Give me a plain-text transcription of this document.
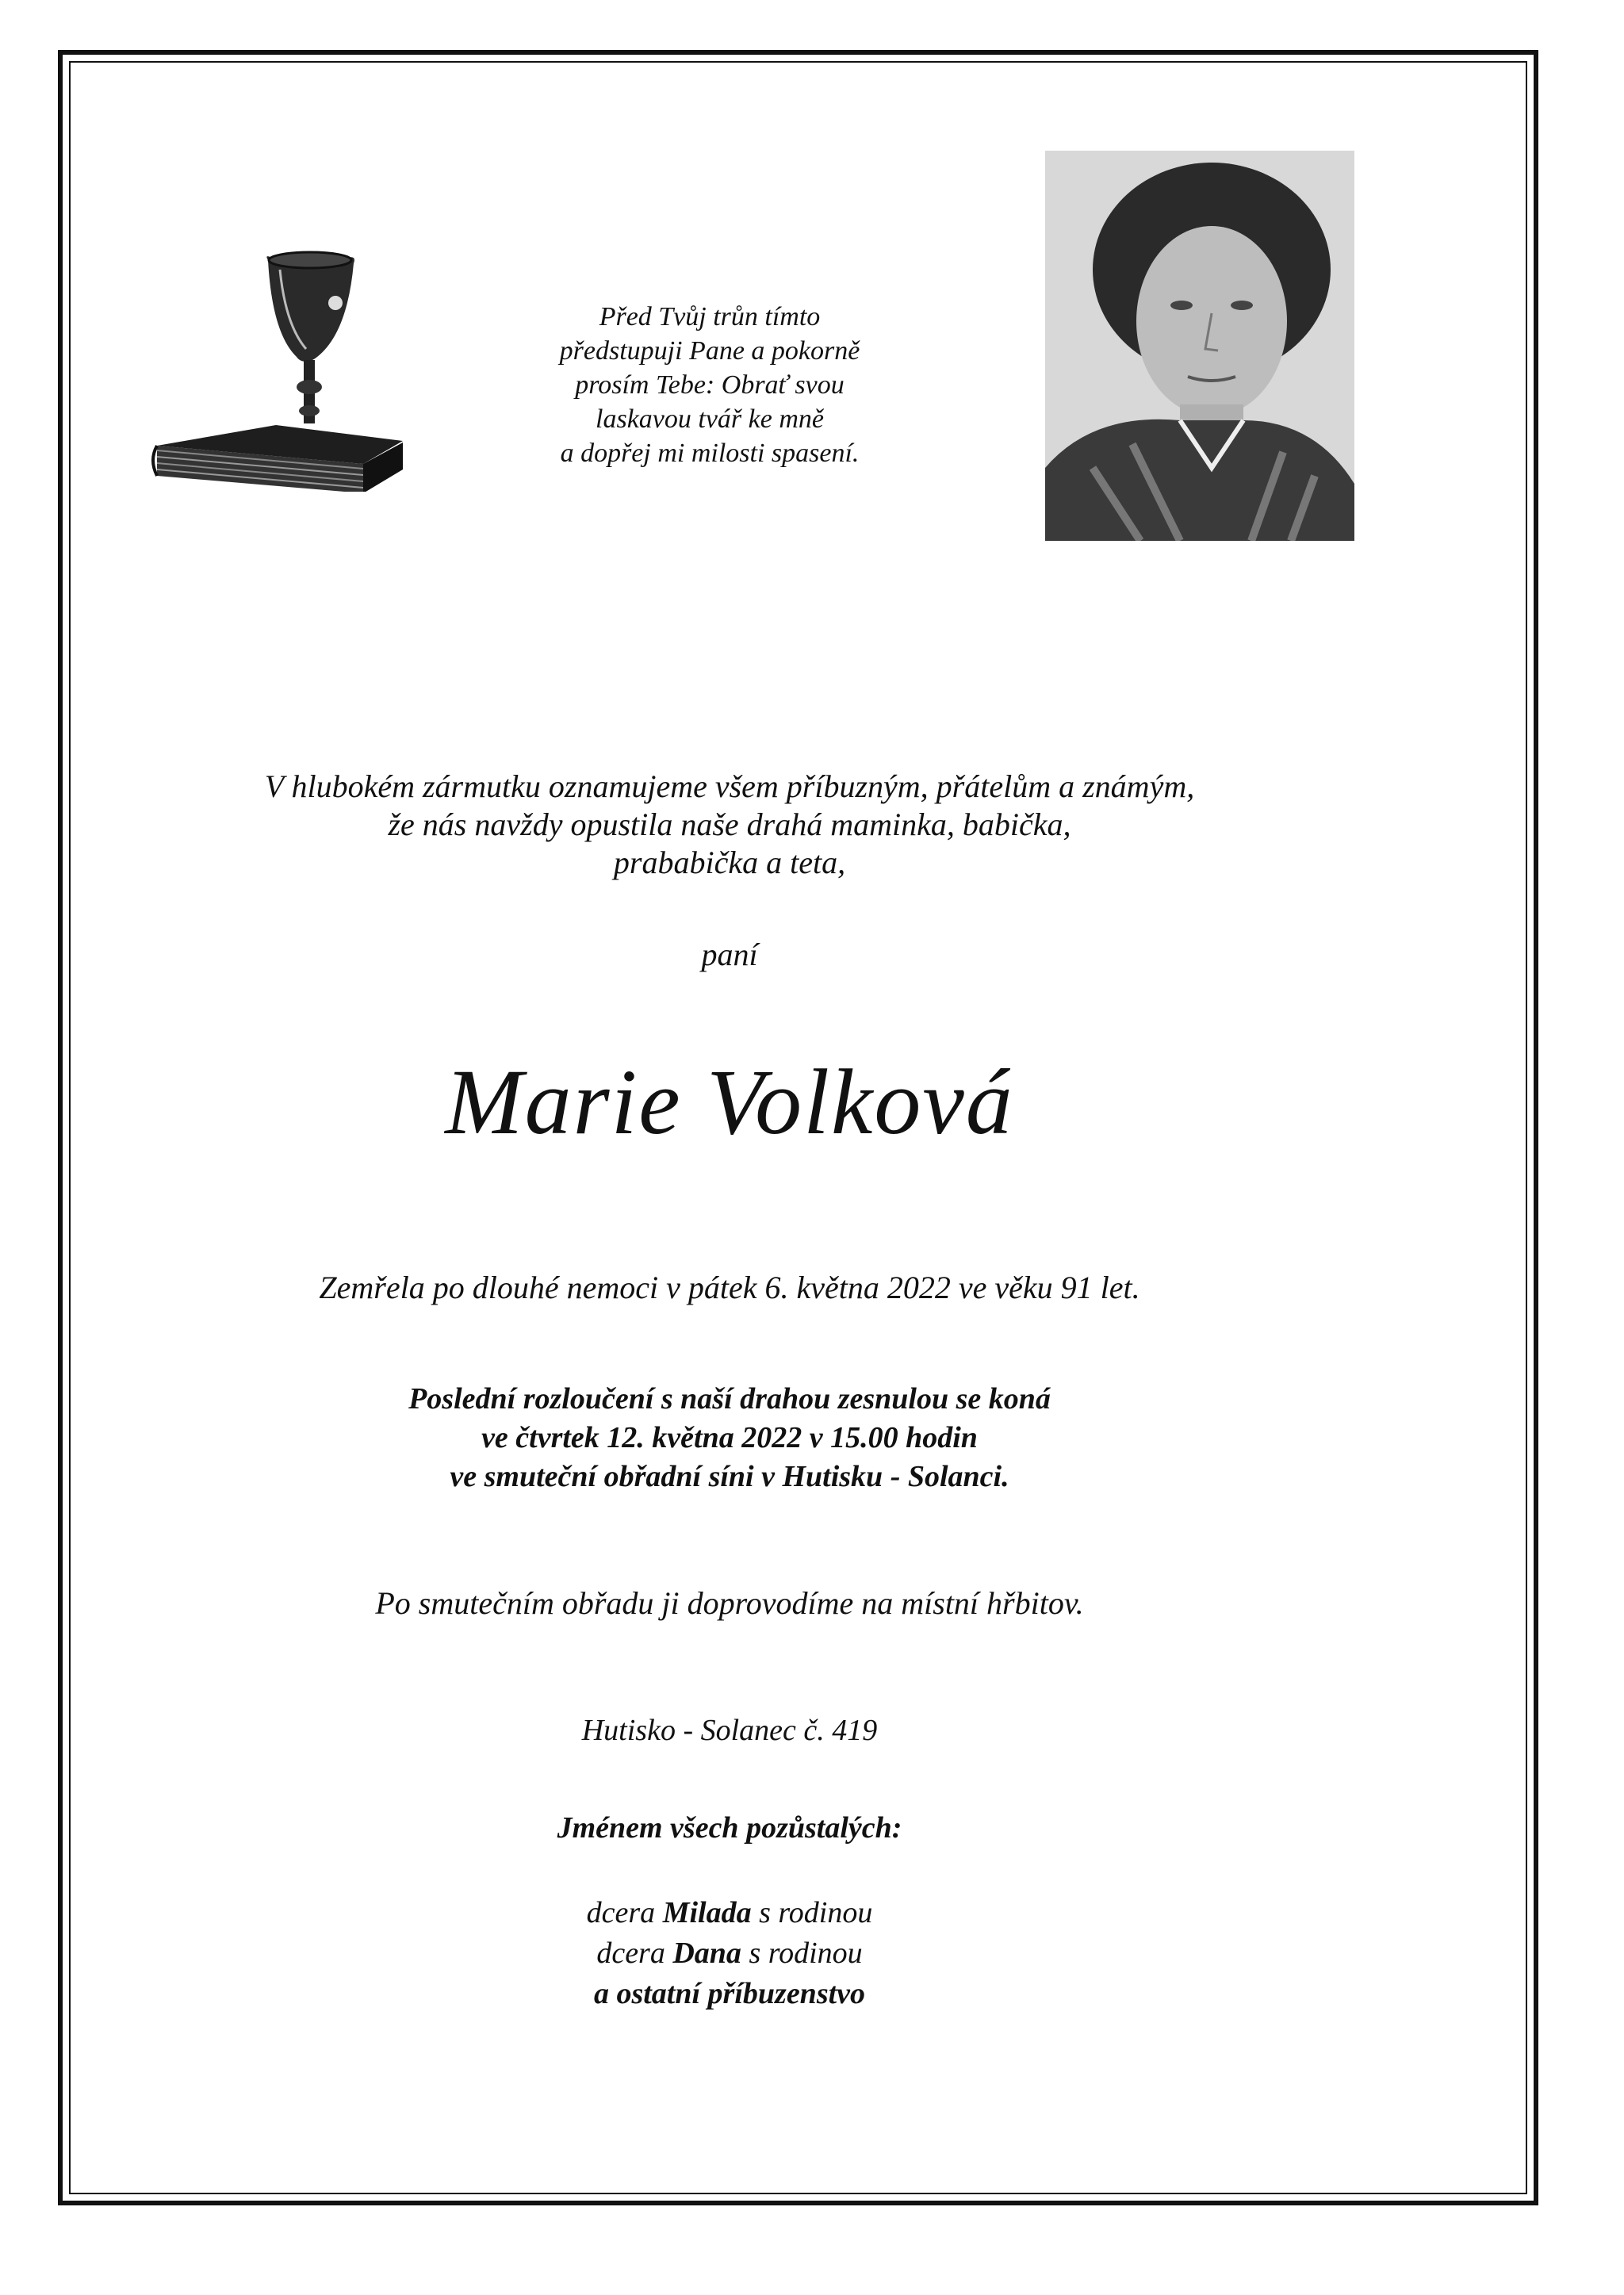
Před Tvůj trůn tímto
předstupuji Pane a pokorně
prosím Tebe: Obrať svou
laskavou tvář ke mně
a dopřej mi milosti spasení.
V hlubokém zármutku oznamujeme všem příbuzným, přátelům a známým,
že nás navždy opustila naše drahá maminka, babička,
prababička a teta,
paní
Marie Volková
Zemřela po dlouhé nemoci v pátek 6. května 2022 ve věku 91 let.
Poslední rozloučení s naší drahou zesnulou se koná
ve čtvrtek 12. května 2022 v 15.00 hodin
ve smuteční obřadní síni v Hutisku - Solanci.
Po smutečním obřadu ji doprovodíme na místní hřbitov.
Hutisko - Solanec č. 419
Jménem všech pozůstalých:
dcera Milada s rodinou
dcera Dana s rodinou
a ostatní příbuzenstvo
